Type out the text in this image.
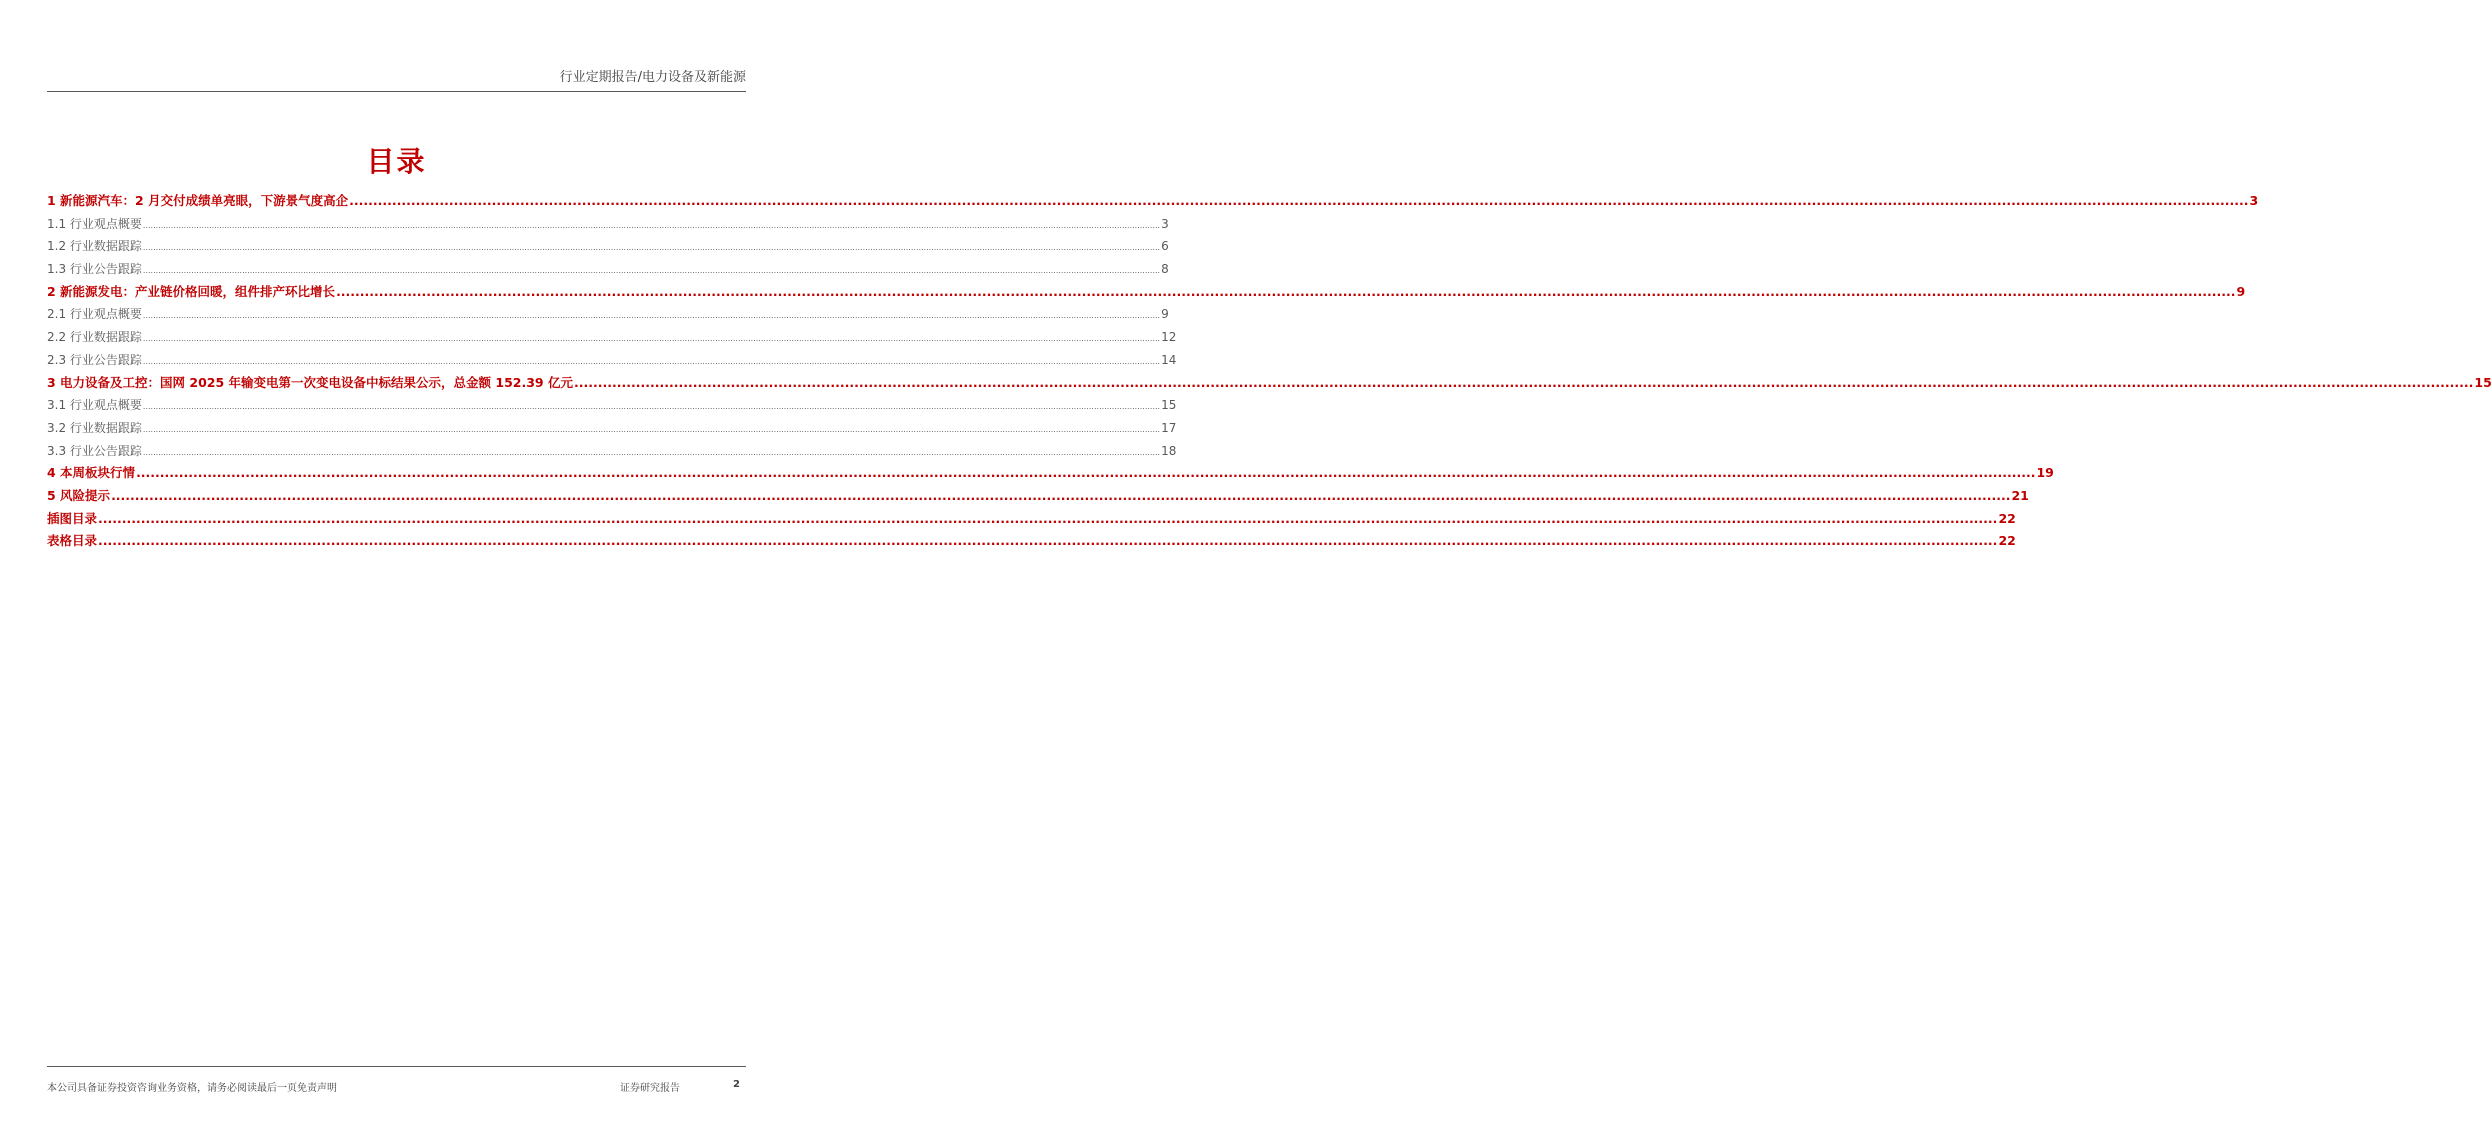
行业定期报告/电力设备及新能源
目录
1 新能源汽车：2 月交付成绩单亮眼，下游景气度高企 ................................................................................................................................................................................................................................................................................................................................................................................................................ 3
1.1 行业观点概要 ................................................................................................................................................................................................................................................................................................................................................................................................................ 3
1.2 行业数据跟踪 ................................................................................................................................................................................................................................................................................................................................................................................................................ 6
1.3 行业公告跟踪 ................................................................................................................................................................................................................................................................................................................................................................................................................ 8
2 新能源发电：产业链价格回暖，组件排产环比增长 ................................................................................................................................................................................................................................................................................................................................................................................................................ 9
2.1 行业观点概要 ................................................................................................................................................................................................................................................................................................................................................................................................................ 9
2.2 行业数据跟踪 ................................................................................................................................................................................................................................................................................................................................................................................................................ 12
2.3 行业公告跟踪 ................................................................................................................................................................................................................................................................................................................................................................................................................ 14
3 电力设备及工控：国网 2025 年输变电第一次变电设备中标结果公示，总金额 152.39 亿元 ................................................................................................................................................................................................................................................................................................................................................................................................................ 15
3.1 行业观点概要 ................................................................................................................................................................................................................................................................................................................................................................................................................ 15
3.2 行业数据跟踪 ................................................................................................................................................................................................................................................................................................................................................................................................................ 17
3.3 行业公告跟踪 ................................................................................................................................................................................................................................................................................................................................................................................................................ 18
4 本周板块行情 ................................................................................................................................................................................................................................................................................................................................................................................................................ 19
5 风险提示 ................................................................................................................................................................................................................................................................................................................................................................................................................ 21
插图目录 ................................................................................................................................................................................................................................................................................................................................................................................................................ 22
表格目录 ................................................................................................................................................................................................................................................................................................................................................................................................................ 22
本公司具备证券投资咨询业务资格，请务必阅读最后一页免责声明	证券研究报告	2
